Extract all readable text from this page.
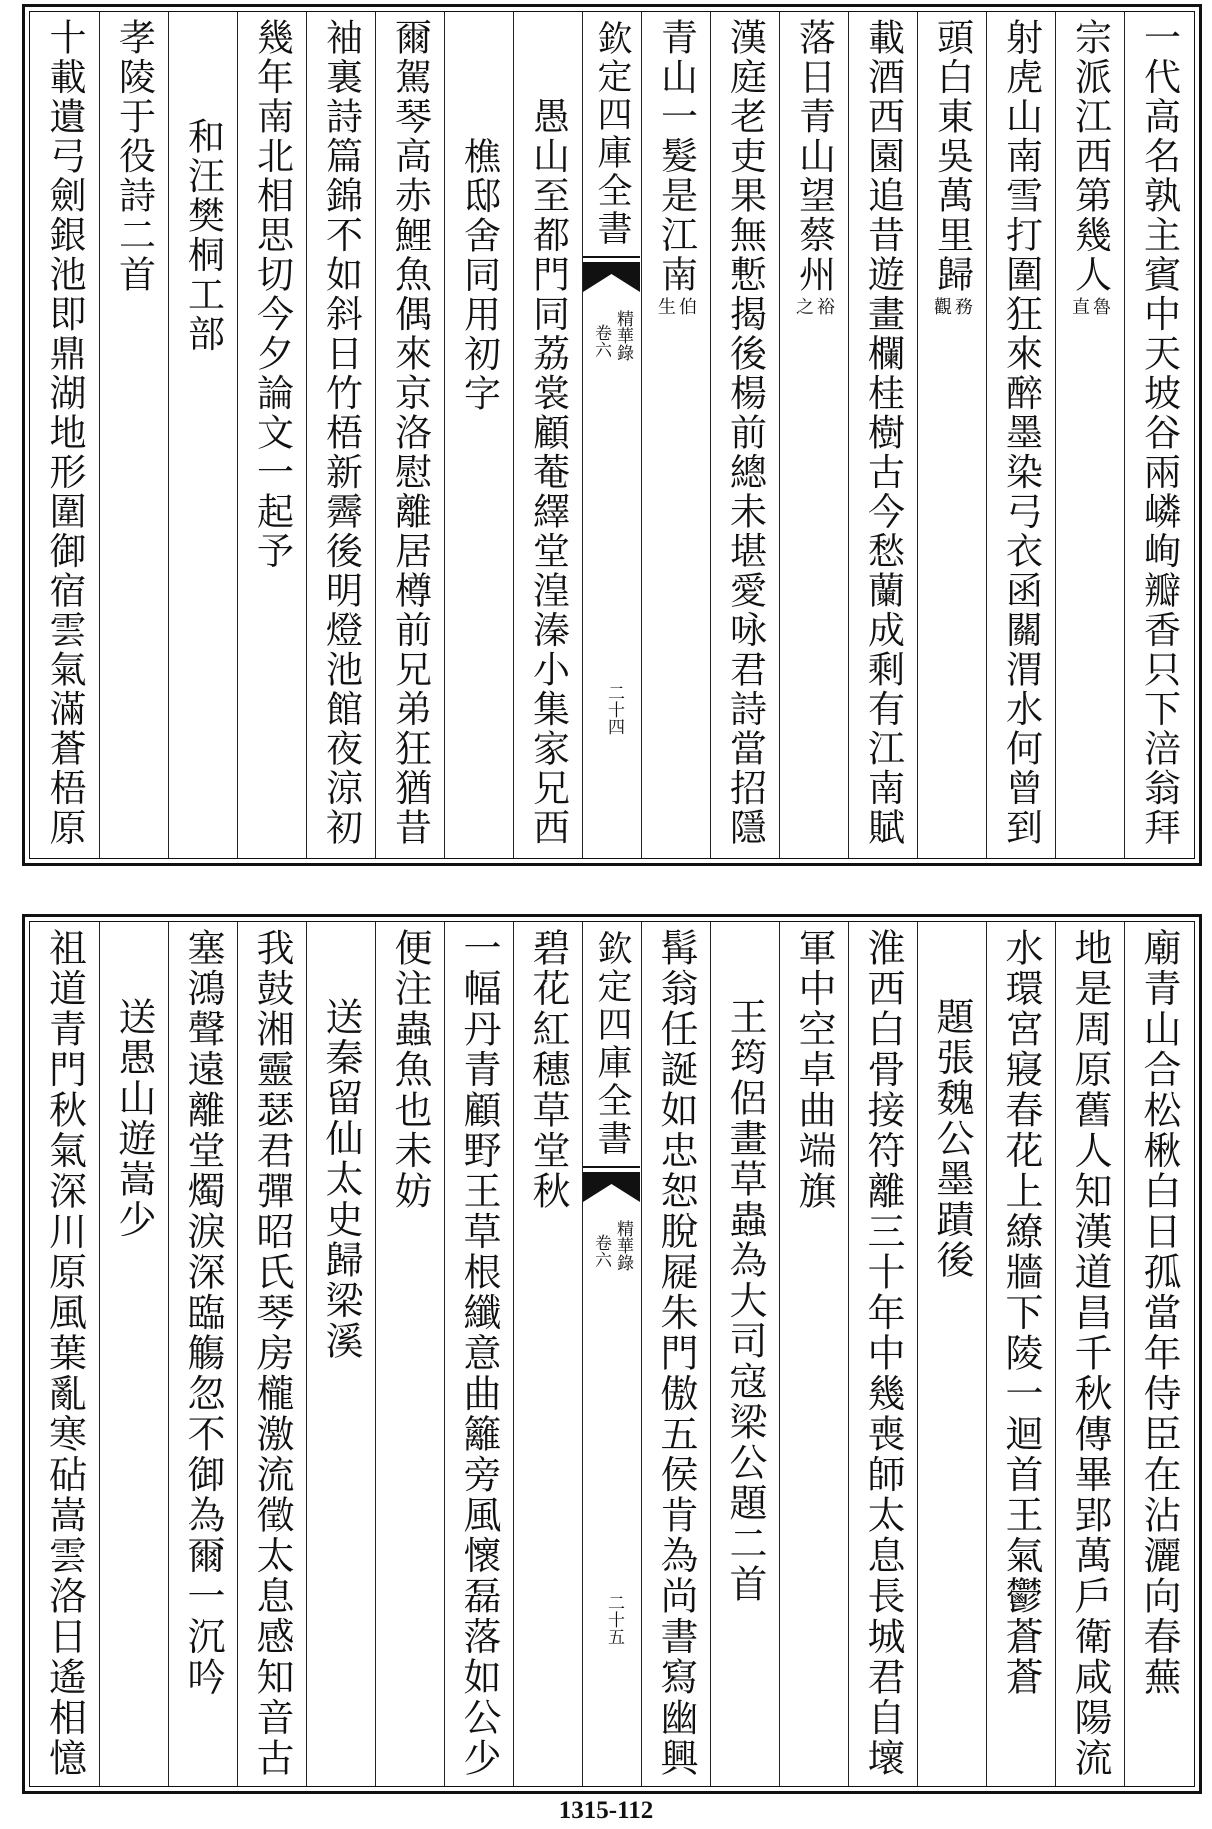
一代高名孰主賓中天坡谷兩嶙峋瓣香只下涪翁拜
宗派江西第幾人
魯直
射虎山南雪打圍狂來醉墨染弓衣函關渭水何曾到
頭白東吳萬里歸
務觀
載酒西園追昔遊畫欄桂樹古今愁蘭成剩有江南賦
落日青山望蔡州
裕之
漢庭老吏果無慙揭後楊前總未堪愛咏君詩當招隱
青山一髮是江南
伯生
欽定四庫全書
精華錄
卷六
二十四
愚山至都門同荔裳顧菴繹堂湟溱小集家兄西
樵邸舍同用初字
爾駕琴高赤鯉魚偶來京洛慰離居樽前兄弟狂猶昔
袖裏詩篇錦不如斜日竹梧新霽後明燈池館夜涼初
幾年南北相思切今夕論文一起予
和汪樊桐工部
孝陵于役詩二首
十載遺弓劍銀池即鼎湖地形圍御宿雲氣滿蒼梧原
廟青山合松楸白日孤當年侍臣在沾灑向春蕪
地是周原舊人知漢道昌千秋傳畢郢萬戶衛咸陽流
水環宮寢春花上繚牆下陵一迴首王氣鬱蒼蒼
題張魏公墨蹟後
淮西白骨接符離三十年中幾喪師太息長城君自壞
軍中空卓曲端旗
王筠侶畫草蟲為大司寇梁公題二首
髯翁任誕如忠恕脫屣朱門傲五侯肯為尚書寫幽興
欽定四庫全書
精華錄
卷六
二十五
碧花紅穗草堂秋
一幅丹青顧野王草根纖意曲籬旁風懷磊落如公少
便注蟲魚也未妨
送秦留仙太史歸梁溪
我鼓湘靈瑟君彈昭氏琴房櫳激流徵太息感知音古
塞鴻聲遠離堂燭淚深臨觴忽不御為爾一沉吟
送愚山遊嵩少
祖道青門秋氣深川原風葉亂寒砧嵩雲洛日遙相憶
1315-112
